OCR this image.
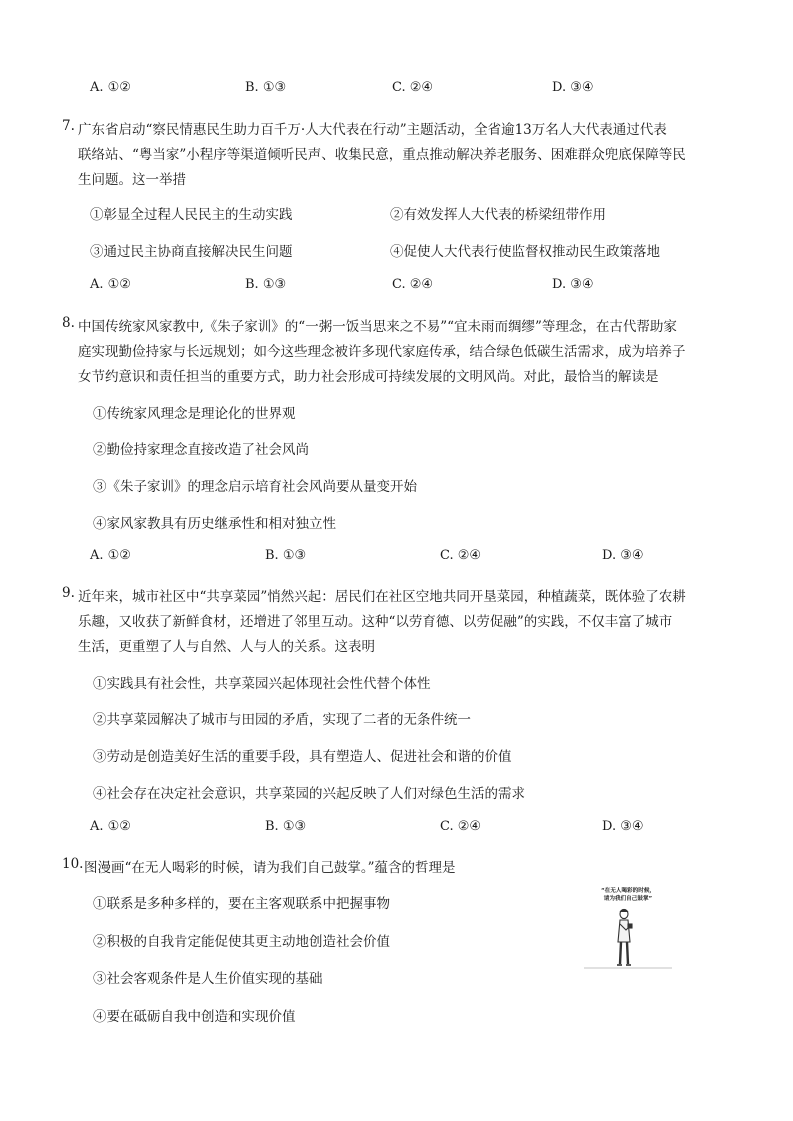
A. ①②	B. ①③	C. ②④	D. ③④
7. 广东省启动“察民情惠民生助力百千万·人大代表在行动”主题活动，全省逾13万名人大代表通过代表
联络站、“粤当家”小程序等渠道倾听民声、收集民意，重点推动解决养老服务、困难群众兜底保障等民
生问题。这一举措
①彰显全过程人民民主的生动实践	②有效发挥人大代表的桥梁纽带作用
③通过民主协商直接解决民生问题	④促使人大代表行使监督权推动民生政策落地
A. ①②	B. ①③	C. ②④	D. ③④
8. 中国传统家风家教中,《朱子家训》的“一粥一饭当思来之不易”“宜未雨而绸缪”等理念，在古代帮助家
庭实现勤俭持家与长远规划；如今这些理念被许多现代家庭传承，结合绿色低碳生活需求，成为培养子
女节约意识和责任担当的重要方式，助力社会形成可持续发展的文明风尚。对此，最恰当的解读是
①传统家风理念是理论化的世界观
②勤俭持家理念直接改造了社会风尚
③《朱子家训》的理念启示培育社会风尚要从量变开始
④家风家教具有历史继承性和相对独立性
A. ①②	B. ①③	C. ②④	D. ③④
9. 近年来，城市社区中“共享菜园”悄然兴起：居民们在社区空地共同开垦菜园，种植蔬菜，既体验了农耕
乐趣，又收获了新鲜食材，还增进了邻里互动。这种“以劳育德、以劳促融”的实践，不仅丰富了城市
生活，更重塑了人与自然、人与人的关系。这表明
①实践具有社会性，共享菜园兴起体现社会性代替个体性
②共享菜园解决了城市与田园的矛盾，实现了二者的无条件统一
③劳动是创造美好生活的重要手段，具有塑造人、促进社会和谐的价值
④社会存在决定社会意识，共享菜园的兴起反映了人们对绿色生活的需求
A. ①②	B. ①③	C. ②④	D. ③④
10. 图漫画“在无人喝彩的时候，请为我们自己鼓掌。”蕴含的哲理是
①联系是多种多样的，要在主客观联系中把握事物
②积极的自我肯定能促使其更主动地创造社会价值
③社会客观条件是人生价值实现的基础
④要在砥砺自我中创造和实现价值
“在无人喝彩的时候，
请为我们自己鼓掌”
